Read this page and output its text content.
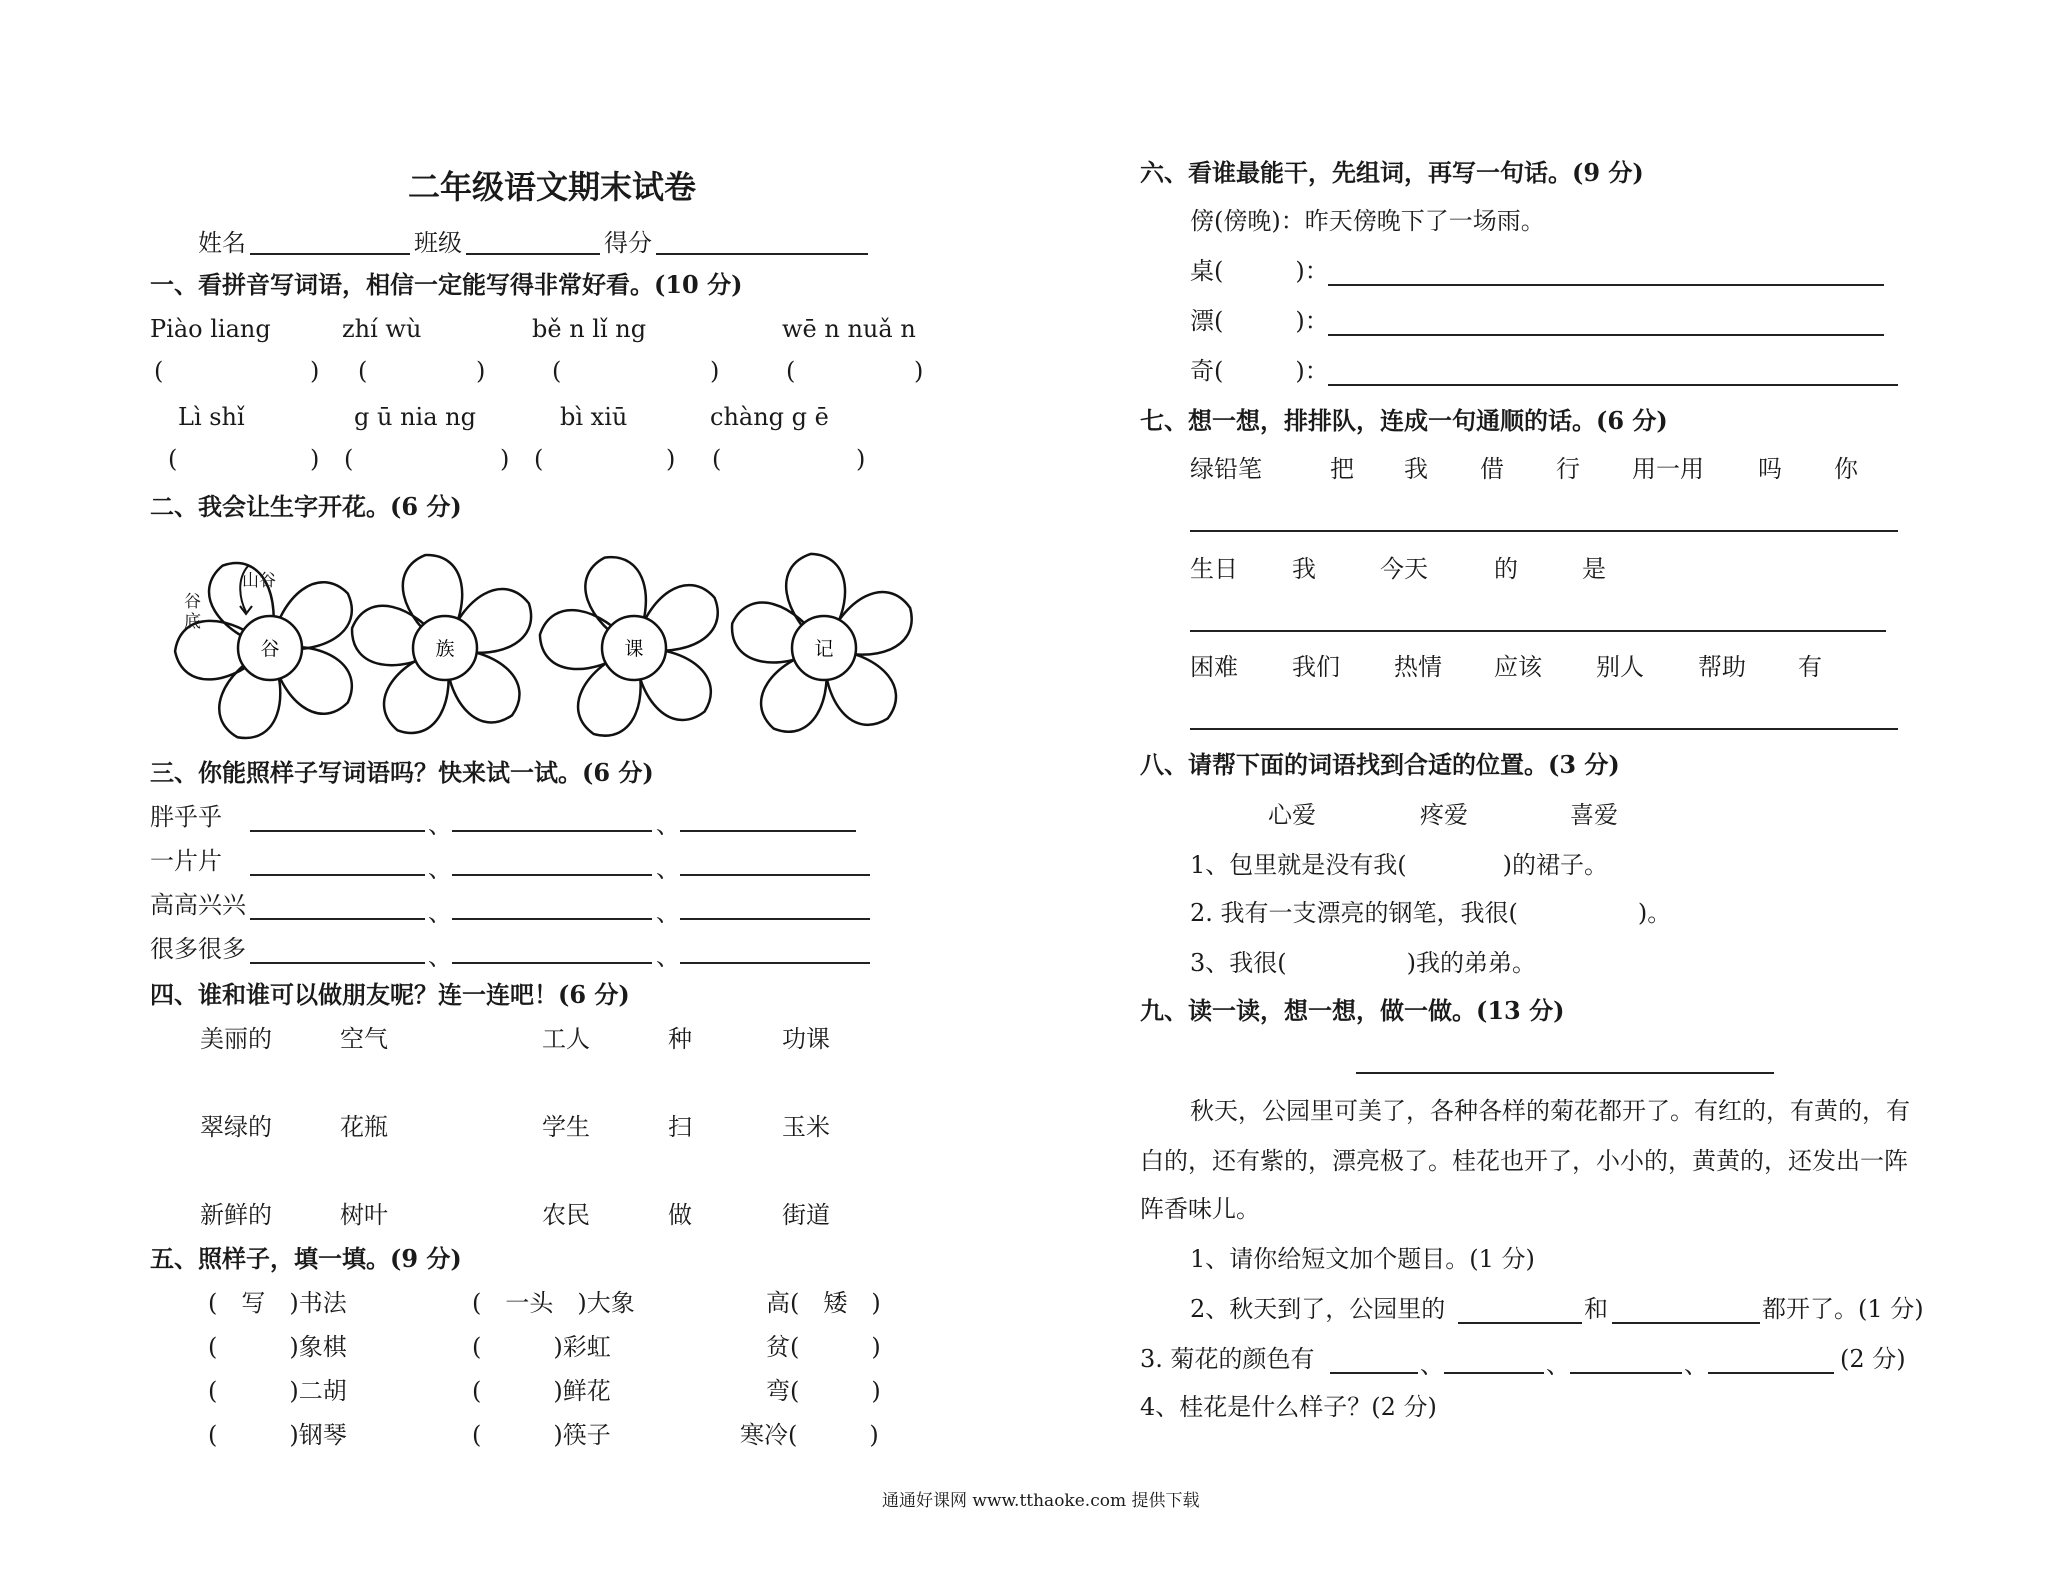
二年级语文期末试卷
姓名	班级	得分
一、看拼音写词语，相信一定能写得非常好看。(10 分)
Piào liang	zhí wù	bě n lǐ ng	wē n nuǎ n
(	) (	)	(	)	(	)
Lì shǐ	g ū nia ng	bì xiū	chàng g ē
(	) (	) (	) (	)
二、我会让生字开花。(6 分)
谷	族	课	记
山谷
谷底
三、你能照样子写词语吗？快来试一试。(6 分)
胖乎乎	、	、
一片片	、	、
高高兴兴	、	、
很多很多	、	、
四、谁和谁可以做朋友呢？连一连吧！(6 分)
美丽的	空气	工人	种	功课
翠绿的	花瓶	学生	扫	玉米
新鲜的	树叶	农民	做	街道
五、照样子，填一填。(9 分)
(　写　)书法	(　一头　)大象	高(　矮　)
(　　　)象棋	(　　　)彩虹	贫(　　　)
(　　　)二胡	(　　　)鲜花	弯(　　　)
(　　　)钢琴	(　　　)筷子	寒冷(　　　)
六、看谁最能干，先组词，再写一句话。(9 分)
傍(傍晚)：昨天傍晚下了一场雨。
桌(　　　)：
漂(　　　)：
奇(　　　)：
七、想一想，排排队，连成一句通顺的话。(6 分)
绿铅笔	把 我 借 行 用一用 吗 你
生日 我	今天	的	是
困难 我们 热情 应该 别人 帮助 有
八、请帮下面的词语找到合适的位置。(3 分)
心爱	疼爱	喜爱
1、包里就是没有我(　　　　)的裙子。
2. 我有一支漂亮的钢笔，我很(　　　　　)。
3、我很(　　　　　)我的弟弟。
九、读一读，想一想，做一做。(13 分)
秋天，公园里可美了，各种各样的菊花都开了。有红的，有黄的，有
白的，还有紫的，漂亮极了。桂花也开了，小小的，黄黄的，还发出一阵
阵香味儿。
1、请你给短文加个题目。(1 分)
2、秋天到了，公园里的	和	都开了。(1 分)
3. 菊花的颜色有	、	、	、	(2 分)
4、桂花是什么样子？(2 分)
通通好课网 www.tthaoke.com 提供下载
